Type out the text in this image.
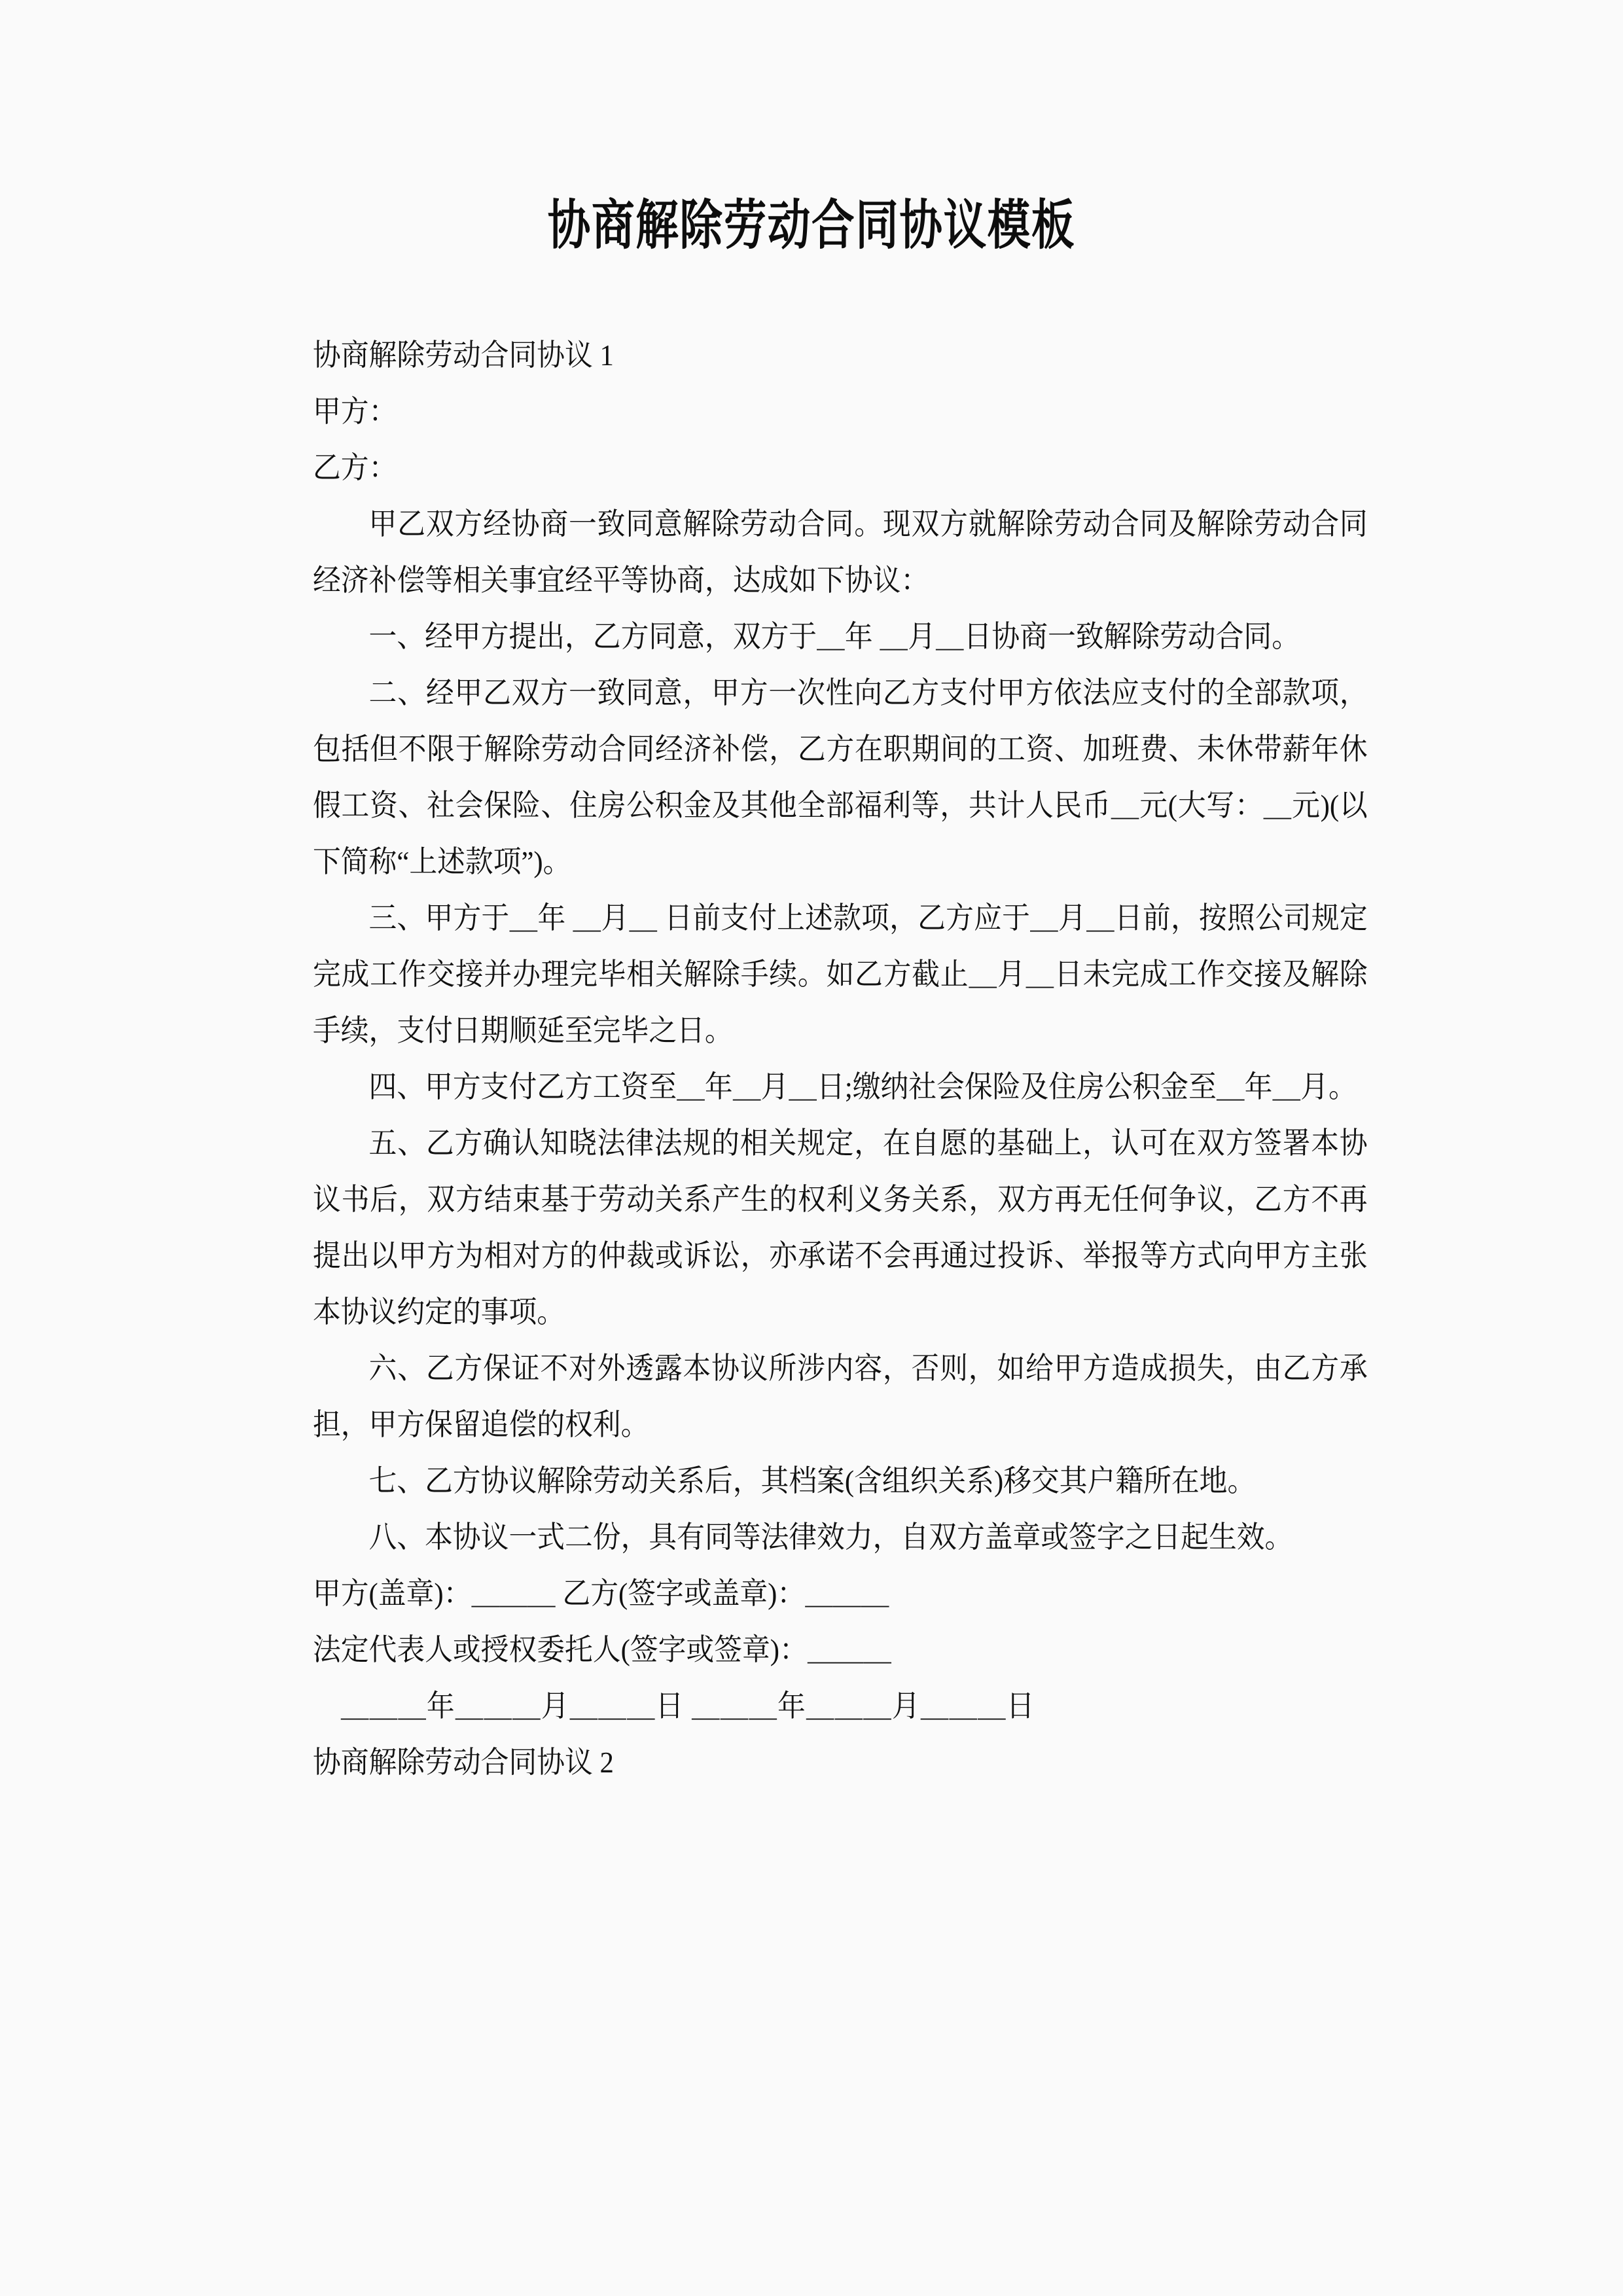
协商解除劳动合同协议模板

协商解除劳动合同协议 1

甲方：

乙方：

甲乙双方经协商一致同意解除劳动合同。现双方就解除劳动合同及解除劳动合同经济补偿等相关事宜经平等协商，达成如下协议：

一、经甲方提出，乙方同意，双方于＿年 ＿月＿日协商一致解除劳动合同。

二、经甲乙双方一致同意，甲方一次性向乙方支付甲方依法应支付的全部款项，包括但不限于解除劳动合同经济补偿，乙方在职期间的工资、加班费、未休带薪年休假工资、社会保险、住房公积金及其他全部福利等，共计人民币＿元(大写：＿元)(以下简称“上述款项”)。

三、甲方于＿年 ＿月＿ 日前支付上述款项，乙方应于＿月＿日前，按照公司规定完成工作交接并办理完毕相关解除手续。如乙方截止＿月＿日未完成工作交接及解除手续，支付日期顺延至完毕之日。

四、甲方支付乙方工资至＿年＿月＿日;缴纳社会保险及住房公积金至＿年＿月。

五、乙方确认知晓法律法规的相关规定，在自愿的基础上，认可在双方签署本协议书后，双方结束基于劳动关系产生的权利义务关系，双方再无任何争议，乙方不再提出以甲方为相对方的仲裁或诉讼，亦承诺不会再通过投诉、举报等方式向甲方主张本协议约定的事项。

六、乙方保证不对外透露本协议所涉内容，否则，如给甲方造成损失，由乙方承担，甲方保留追偿的权利。

七、乙方协议解除劳动关系后，其档案(含组织关系)移交其户籍所在地。

八、本协议一式二份，具有同等法律效力，自双方盖章或签字之日起生效。

甲方(盖章)：＿＿＿ 乙方(签字或盖章)：＿＿＿

法定代表人或授权委托人(签字或签章)：＿＿＿

＿＿＿年＿＿＿月＿＿＿日 ＿＿＿年＿＿＿月＿＿＿日

协商解除劳动合同协议 2
